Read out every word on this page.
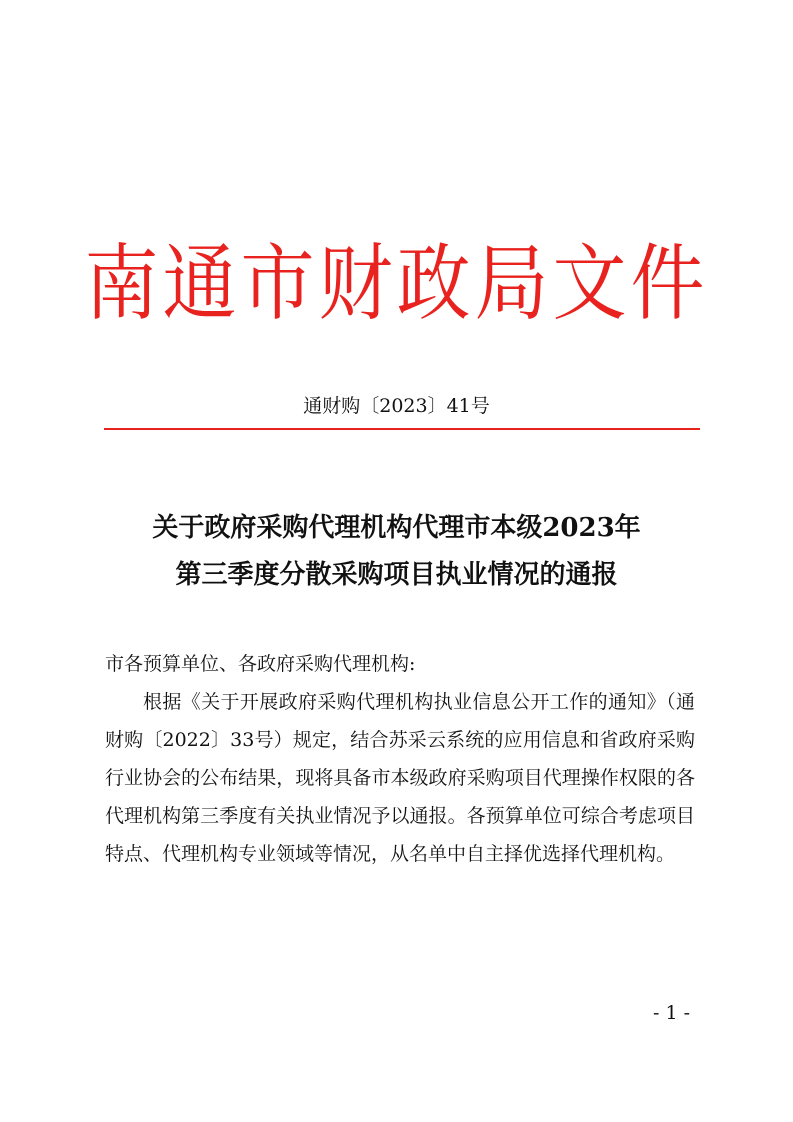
南通市财政局文件
通财购〔2023〕41号
关于政府采购代理机构代理市本级2023年
第三季度分散采购项目执业情况的通报
市各预算单位、各政府采购代理机构:
根据《关于开展政府采购代理机构执业信息公开工作的通知》（通财购〔2022〕33号）规定，结合苏采云系统的应用信息和省政府采购行业协会的公布结果，现将具备市本级政府采购项目代理操作权限的各代理机构第三季度有关执业情况予以通报。各预算单位可综合考虑项目特点、代理机构专业领域等情况，从名单中自主择优选择代理机构。
- 1 -
